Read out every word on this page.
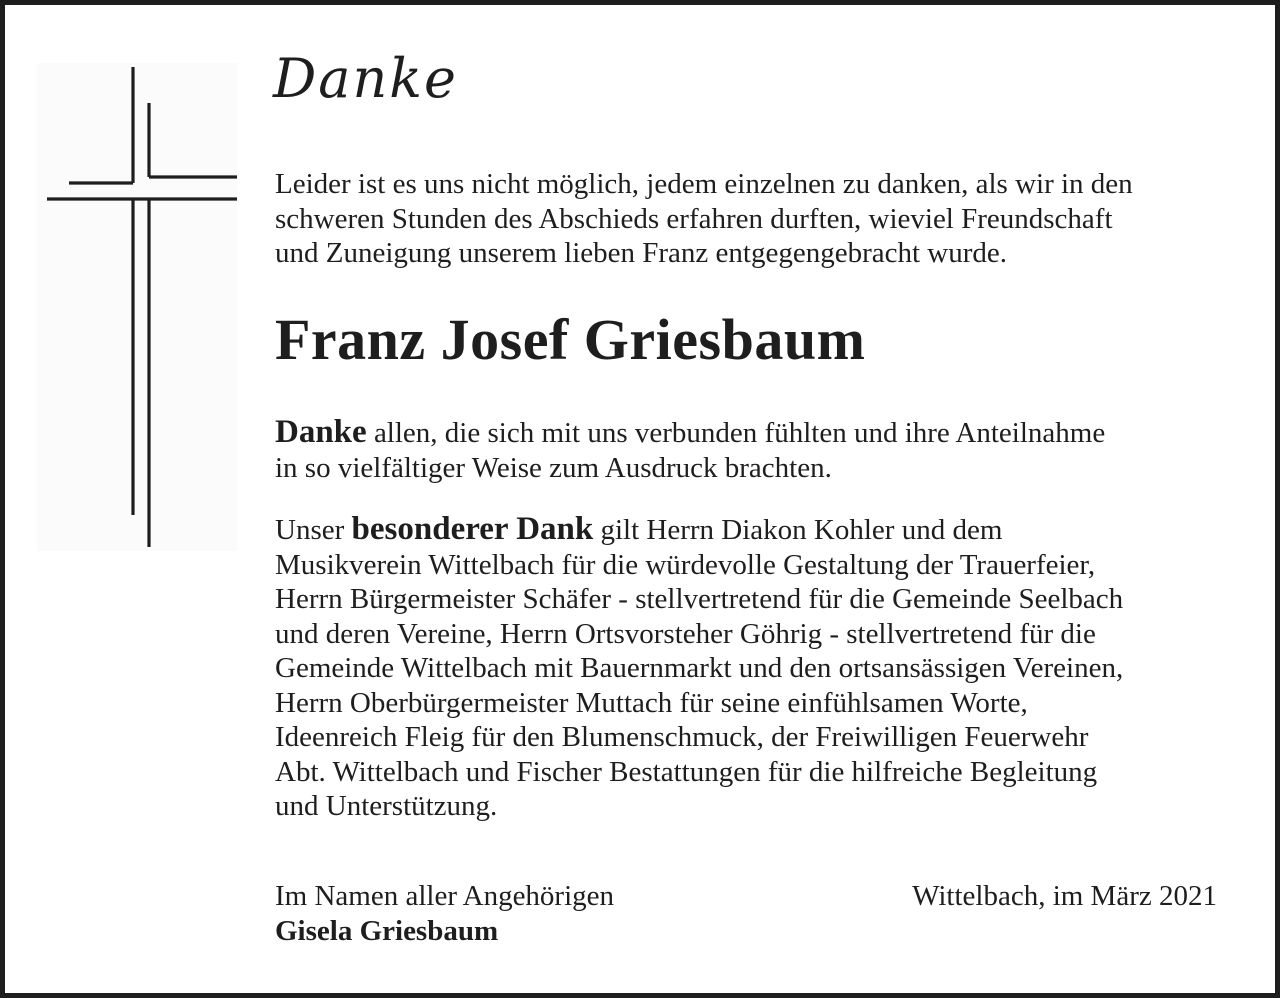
Danke
Leider ist es uns nicht möglich, jedem einzelnen zu danken, als wir in den
schweren Stunden des Abschieds erfahren durften, wieviel Freundschaft
und Zuneigung unserem lieben Franz entgegengebracht wurde.
Franz Josef Griesbaum
Danke allen, die sich mit uns verbunden fühlten und ihre Anteilnahme
in so vielfältiger Weise zum Ausdruck brachten.
Unser besonderer Dank gilt Herrn Diakon Kohler und dem
Musikverein Wittelbach für die würdevolle Gestaltung der Trauerfeier,
Herrn Bürgermeister Schäfer - stellvertretend für die Gemeinde Seelbach
und deren Vereine, Herrn Ortsvorsteher Göhrig - stellvertretend für die
Gemeinde Wittelbach mit Bauernmarkt und den ortsansässigen Vereinen,
Herrn Oberbürgermeister Muttach für seine einfühlsamen Worte,
Ideenreich Fleig für den Blumenschmuck, der Freiwilligen Feuerwehr
Abt. Wittelbach und Fischer Bestattungen für die hilfreiche Begleitung
und Unterstützung.
Im Namen aller Angehörigen
Gisela Griesbaum
Wittelbach, im März 2021
